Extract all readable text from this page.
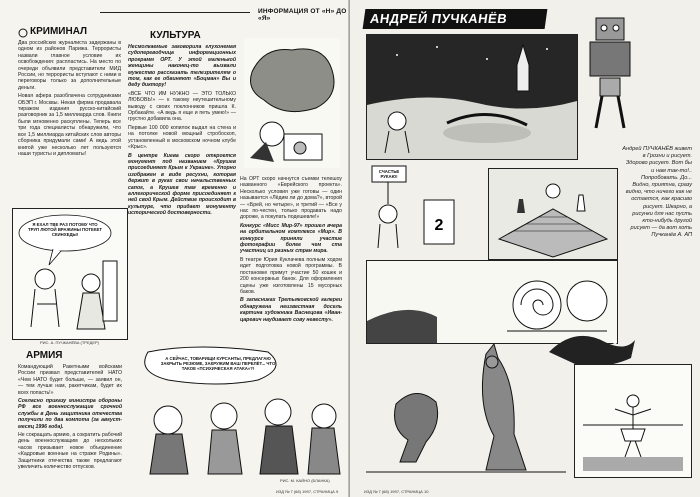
ИНФОРМАЦИЯ ОТ «Н» ДО «Я»
КРИМИНАЛ

Два российских журналиста задержаны в одном из районов Парижа. Террористы назвали главное условие их освобождения: распластись. На место по очереди объявили представители МИД России, но террористы вступают с ними в переговоры только за дополнительные деньги.

Новая афера разоблачена сотрудниками ОБЭП г. Москвы. Некая фирма продавала тиражом издания русско-китайский разговорник за 1,5 миллиарда слов. Книги были мгновенно раскуплены. Теперь все три года специалисты обнаружили, что все 1,5 миллиарда китайских слов авторы сборника придумали сами! А ведь этой книгой уже несколько лет пользуются наши туристы и дипломаты!

Я ЕХАЛ ТВЕ РАЗ ПОТОМУ ЧТО ТРУП ЛЮТОЙ ВРАЖИНЫ ПОТЕКЕТ СКИНХЕДЫ!
РИС. А. ПУЧКАНЁВА (ТРЕДЕР)
КУЛЬТУРА

Несмолкаемые заговорила глухонемая судопереводчица информационных программ ОРТ. У этой маленькой женщины наконец-то вызвали мужество рассказать телезрителям о том, как ее обвиняют «Боцман» Вы и деду диктору!

«ВСЕ ЧТО ИМ НУЖНО — ЭТО ТОЛЬКО ЛЮБОВЬ!» — к такому неутешительному выводу с своих поклонников пришла К. Орбакайте. «А ведь я еще и петь умею!» — грустно добавила она.

Первые 100 000 копилок выдал на стена и на потолке новой мощный стробоскоп, установленный в московском ночном клубе «Крыс».

В центре Киева скоро откроется монумент под названием «Крушев присоединяет Крым к Украине». Упорно изображен в виде ресухни, которая держит в руках свои начальственных сапог, а Крушев там временно и аллегорической форме присоединяет к ней свой Крым. Действие происходит в культуре, что придает монументу исторической достоверности.

АРМИЯ

Командующий Ракетными войсками России призвал представителей НАТО «Чем НАТО будет больше, — заявил он, — тем лучше нам, ракетчикам, будет их всех попасть!»

Согласно приказу министра обороны РФ все военнослужащие срочной службы в День защитника отечества получили по два компота (за август-месяц 1996 года).

Не сокращать армию, а сократить рабочий день военнослужащим до нескольких часов призывает новое объединение «Кадровые военные на страже Родины». Защитники отечества также предлагают увеличить количество отпусков.

На ОРТ скоро начнутся съемки телешоу названного «Еврейского проекта». Несколько условия уже готовы — один называется «Лёдим ли до дома?», второй — «Брей, но четыре», и третий — «Все у нас по-честен, только продавать надо дороже, а покупать подешевле!»

Конкурс «Мисс Мир-97» прошел вчера на орбитальном комплексе «Мир». В конкурсе приняли участие фотографии более чем ста участниц из разных стран мира.

В театре Юрия Куклачева полным ходом идет подготовка новой программы. В постановке примут участие 50 кошек и 200 консервных банок. Для оформления сцены уже изготовлены 15 мусорных баков.

В запасниках Третьяковской галереи обнаружена неизвестная досель картина художника Васнецова «Иван-царевич наудивает сову невесту».

А СЕЙЧАС, ТОВАРИЩИ КУРСАНТЫ, ПРЕДЛАГАЮ ЗАКРЫТЬ РЕЗЮМЕ, ЗАКРУЖИМ ВАШ ПЕРЕЛЁТ... ЧТО ТАКОЕ «ПСИХИЧЕСКАЯ АТАКА»?!
РИС. М. КАЙНО (БЛАНКА)
ИЗД № 7 (68) 1997, СТРАНИЦА 9
АНДРЕЙ ПУЧКАНЁВ
Андрей ПУЧКАНЁВ живет в Грозни и рисует. Здорово рисует. Вот бы и нам так-то!.. Попробовать. До... Видно, приятна, сразу видно, что ничего как не остается, как красиво рисует. Шкарно, а рисунки для нас пусть кто-нибудь другой рисует — да вот хоть Пучканёв А. АП
2
СЧАСТЬЕ РУКАЮ!
ИЗД № 7 (68) 1997, СТРАНИЦА 10
